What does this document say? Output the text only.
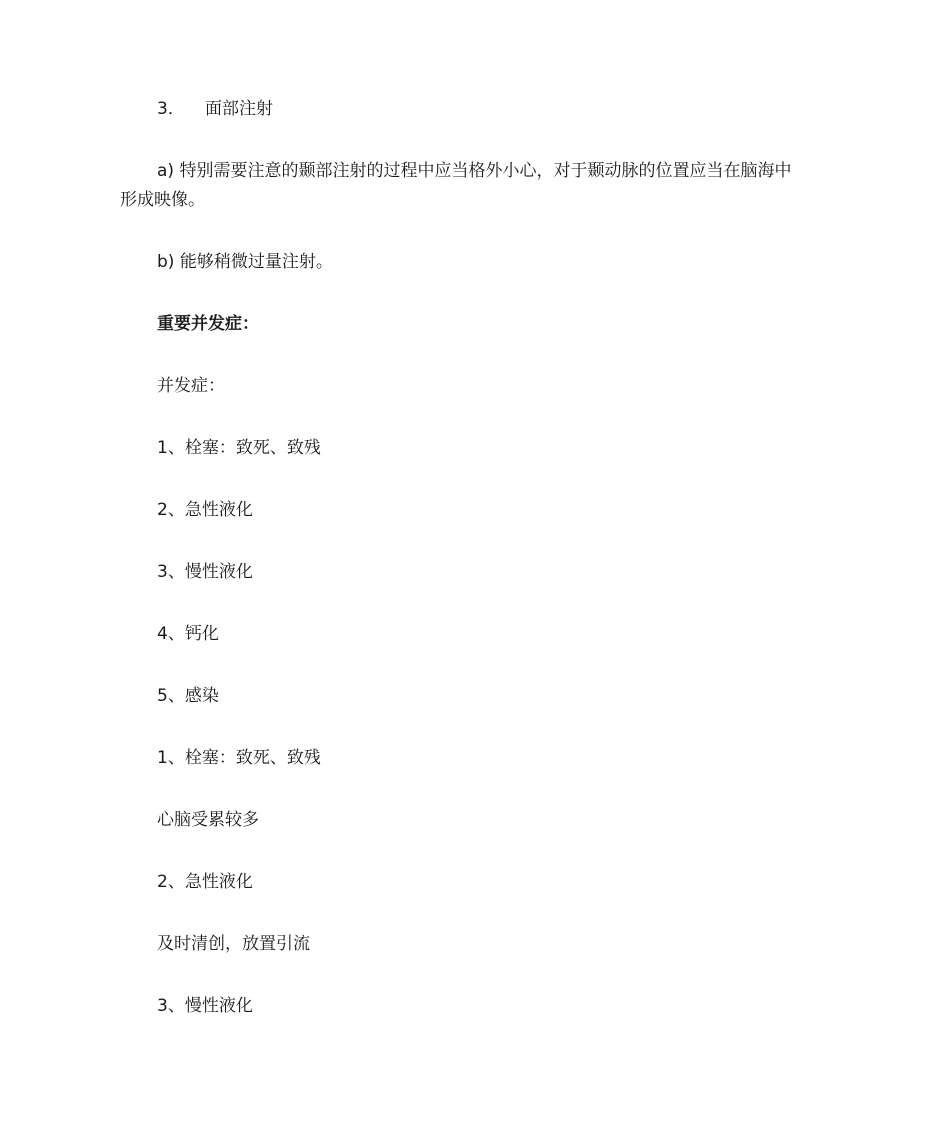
3． 面部注射
a) 特别需要注意的颞部注射的过程中应当格外小心，对于颞动脉的位置应当在脑海中
形成映像。
b) 能够稍微过量注射。
重要并发症：
并发症：
1、栓塞：致死、致残
2、急性液化
3、慢性液化
4、钙化
5、感染
1、栓塞：致死、致残
心脑受累较多
2、急性液化
及时清创，放置引流
3、慢性液化
